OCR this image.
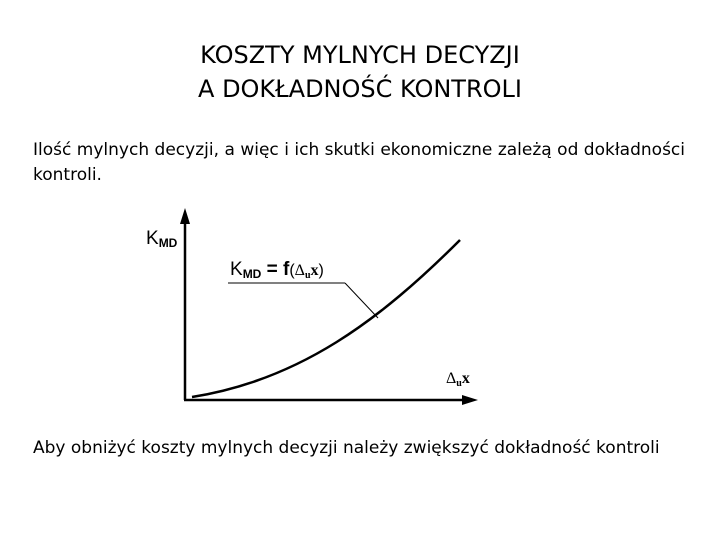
KOSZTY MYLNYCH DECYZJI
A DOKŁADNOŚĆ KONTROLI
Ilość mylnych decyzji, a więc i ich skutki ekonomiczne zależą od dokładności kontroli.
KMD
KMD = f(Δux)
Δux
Aby obniżyć koszty mylnych decyzji należy zwiększyć dokładność kontroli
